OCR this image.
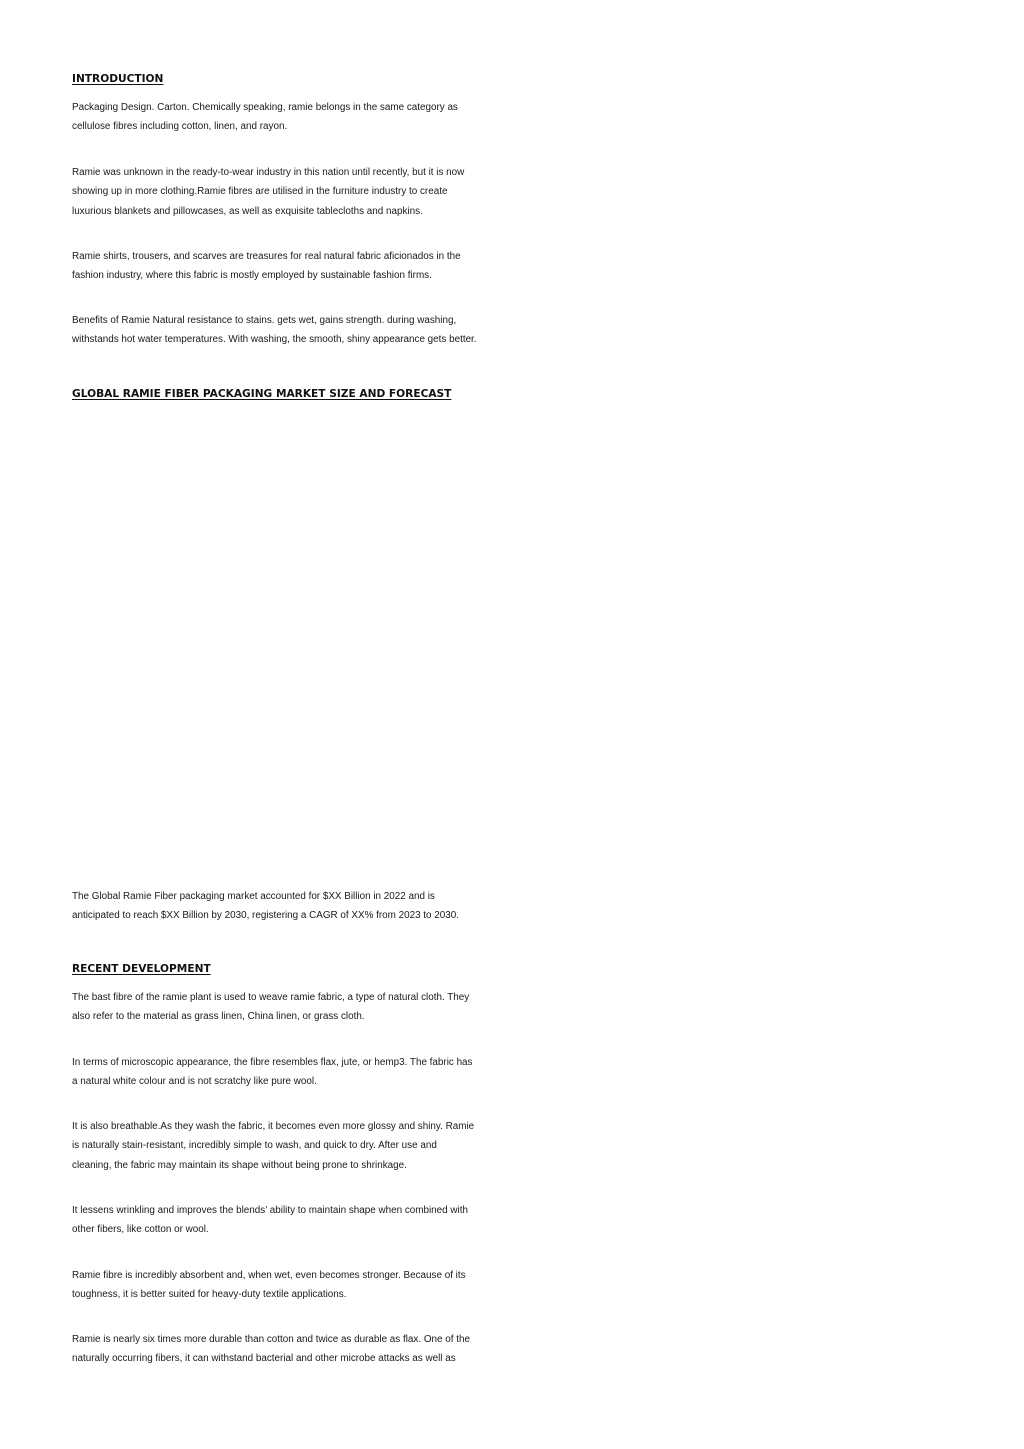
INTRODUCTION

Packaging Design. Carton. Chemically speaking, ramie belongs in the same category as
cellulose fibres including cotton, linen, and rayon.

Ramie was unknown in the ready-to-wear industry in this nation until recently, but it is now
showing up in more clothing.Ramie fibres are utilised in the furniture industry to create
luxurious blankets and pillowcases, as well as exquisite tablecloths and napkins.

Ramie shirts, trousers, and scarves are treasures for real natural fabric aficionados in the
fashion industry, where this fabric is mostly employed by sustainable fashion firms.

Benefits of Ramie Natural resistance to stains. gets wet, gains strength. during washing,
withstands hot water temperatures. With washing, the smooth, shiny appearance gets better.

GLOBAL RAMIE FIBER PACKAGING MARKET SIZE AND FORECAST

The Global Ramie Fiber packaging market accounted for $XX Billion in 2022 and is
anticipated to reach $XX Billion by 2030, registering a CAGR of XX% from 2023 to 2030.

RECENT DEVELOPMENT

The bast fibre of the ramie plant is used to weave ramie fabric, a type of natural cloth. They
also refer to the material as grass linen, China linen, or grass cloth.

In terms of microscopic appearance, the fibre resembles flax, jute, or hemp3. The fabric has
a natural white colour and is not scratchy like pure wool.

It is also breathable.As they wash the fabric, it becomes even more glossy and shiny. Ramie
is naturally stain-resistant, incredibly simple to wash, and quick to dry. After use and
cleaning, the fabric may maintain its shape without being prone to shrinkage.

It lessens wrinkling and improves the blends’ ability to maintain shape when combined with
other fibers, like cotton or wool.

Ramie fibre is incredibly absorbent and, when wet, even becomes stronger. Because of its
toughness, it is better suited for heavy-duty textile applications.

Ramie is nearly six times more durable than cotton and twice as durable as flax. One of the
naturally occurring fibers, it can withstand bacterial and other microbe attacks as well as
